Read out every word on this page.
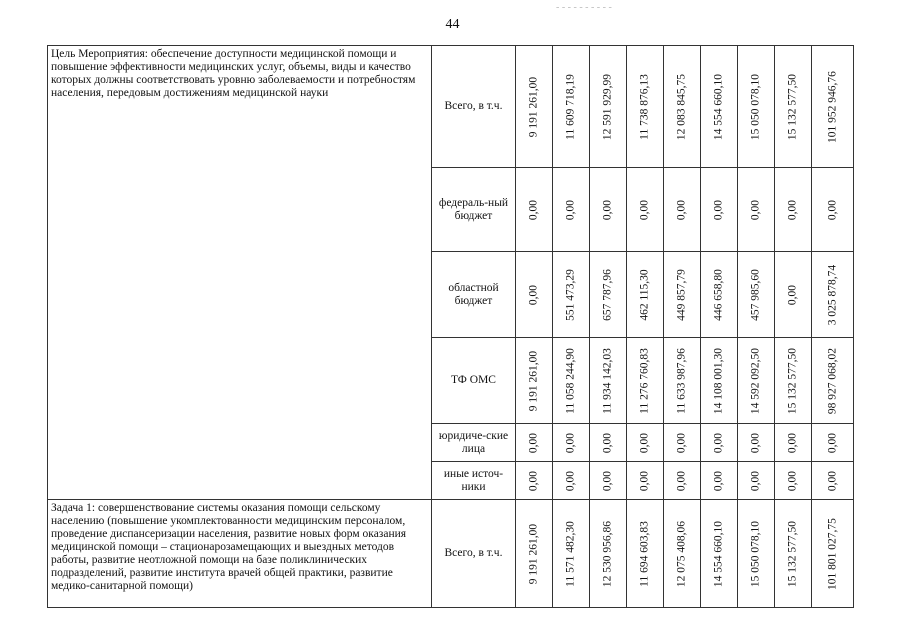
44
Цель Мероприятия: обеспечение доступности медицинской помощи и повышение эффективности медицинских услуг, объемы, виды и качество которых должны соответствовать уровню заболеваемости и потребностям населения, передовым достижениям медицинской науки	Всего, в т.ч.	9 191 261,00	11 609 718,19	12 591 929,99	11 738 876,13	12 083 845,75	14 554 660,10	15 050 078,10	15 132 577,50	101 952 946,76

	федераль-ный бюджет	0,00	0,00	0,00	0,00	0,00	0,00	0,00	0,00	0,00

	областной бюджет	0,00	551 473,29	657 787,96	462 115,30	449 857,79	446 658,80	457 985,60	0,00	3 025 878,74

	ТФ ОМС	9 191 261,00	11 058 244,90	11 934 142,03	11 276 760,83	11 633 987,96	14 108 001,30	14 592 092,50	15 132 577,50	98 927 068,02

	юридиче-ские лица	0,00	0,00	0,00	0,00	0,00	0,00	0,00	0,00	0,00

	иные источ-ники	0,00	0,00	0,00	0,00	0,00	0,00	0,00	0,00	0,00

Задача 1: совершенствование системы оказания помощи сельскому населению (повышение укомплектованности медицинским персоналом, проведение диспансеризации населения, развитие новых форм оказания медицинской помощи – стационарозамещающих и выездных методов работы, развитие неотложной помощи на базе поликлинических подразделений, развитие института врачей общей практики, развитие медико-санитарной помощи)	Всего, в т.ч.	9 191 261,00	11 571 482,30	12 530 956,86	11 694 603,83	12 075 408,06	14 554 660,10	15 050 078,10	15 132 577,50	101 801 027,75
- - - - - - - - - -
